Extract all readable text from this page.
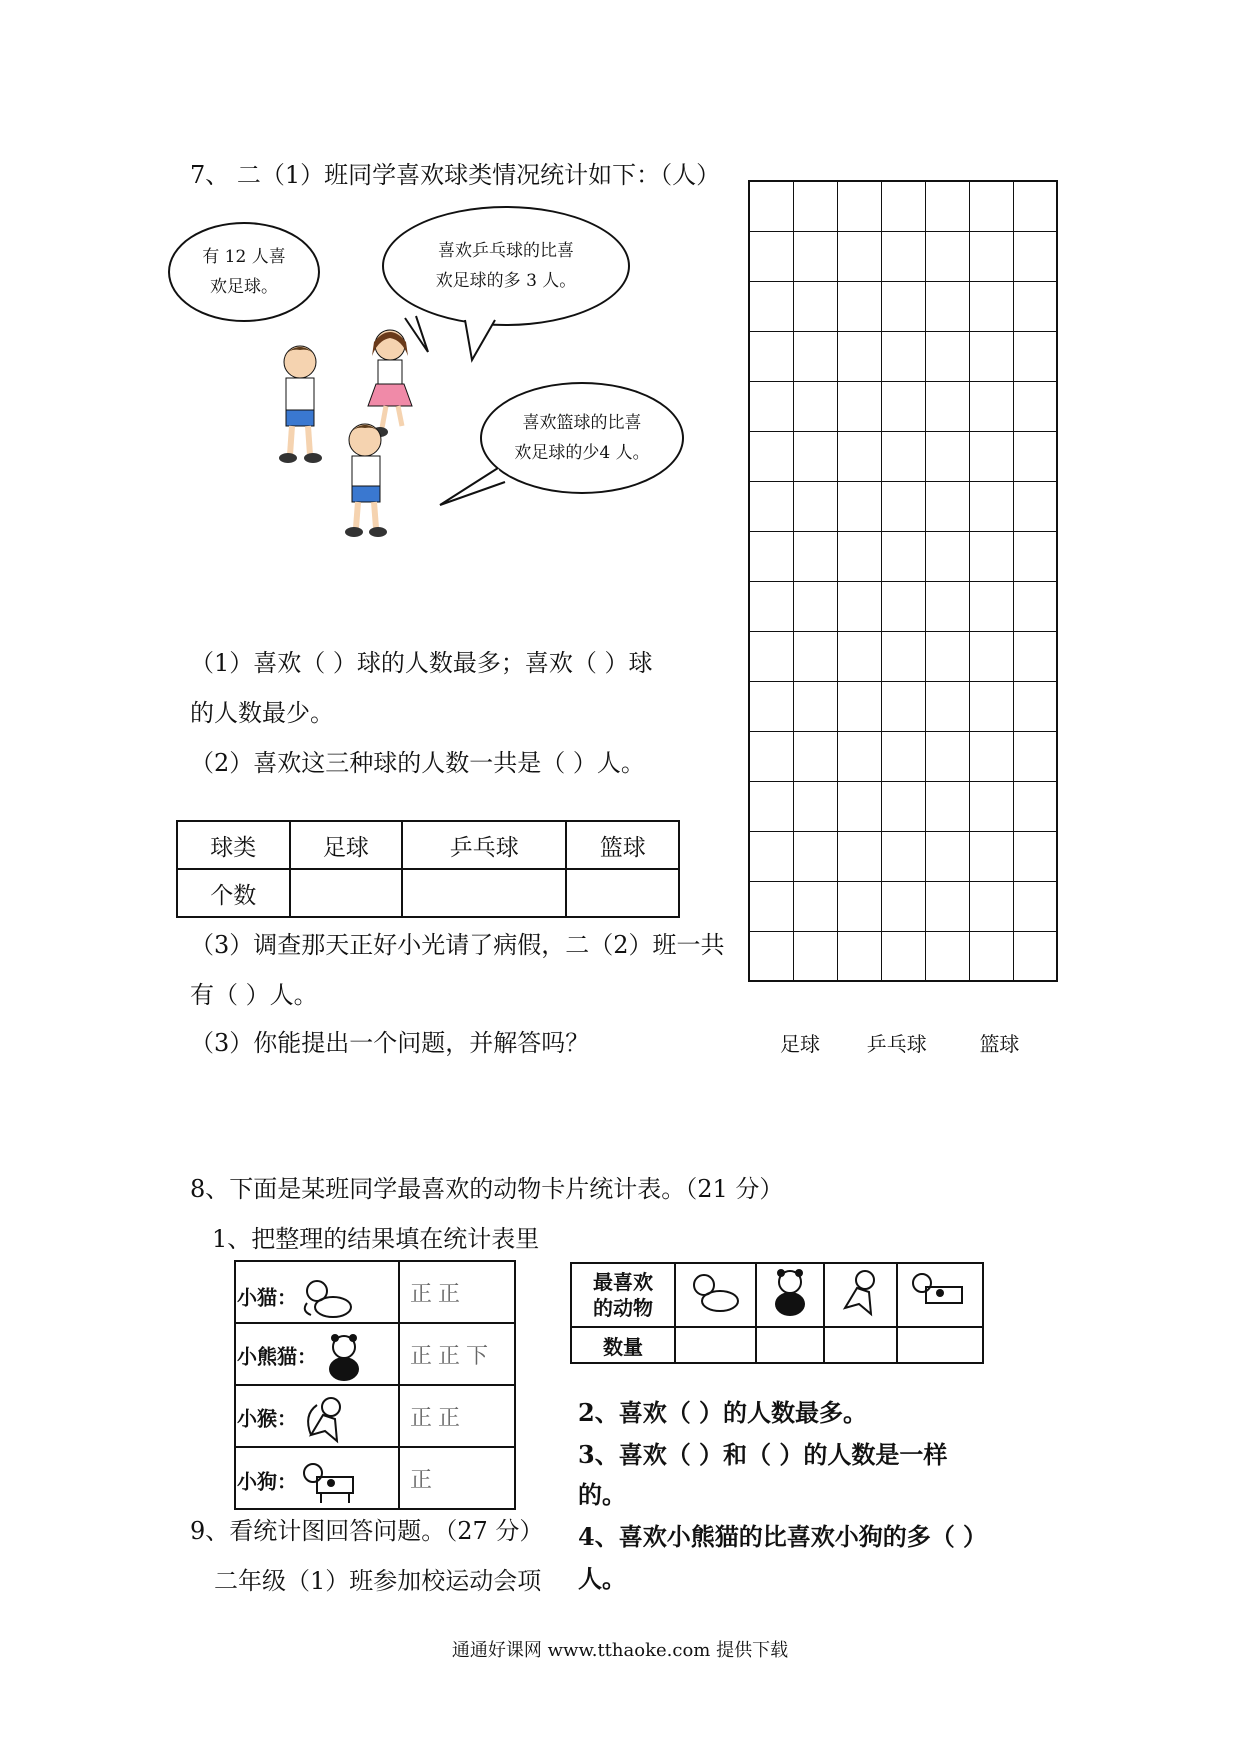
7、 二（1）班同学喜欢球类情况统计如下：（人）
有 12 人喜
欢足球。
喜欢乒乓球的比喜
欢足球的多 3 人。
喜欢篮球的比喜
欢足球的少4 人。
（1）喜欢（ ）球的人数最多；喜欢（ ）球
的人数最少。
（2）喜欢这三种球的人数一共是（ ）人。
球类	足球	乒乓球	篮球
个数			
（3）调查那天正好小光请了病假，二（2）班一共
有（ ）人。
（3）你能提出一个问题，并解答吗？	足球 乒乓球	篮球
8、下面是某班同学最喜欢的动物卡片统计表。（21 分）
1、把整理的结果填在统计表里
小猫：	正正
小熊猫：	正正下
小猴：	正正
小狗：	正
最喜欢
的动物				
数量				
2、喜欢（ ）的人数最多。
3、喜欢（ ）和（ ）的人数是一样
的。
4、喜欢小熊猫的比喜欢小狗的多（ ）
人。
9、看统计图回答问题。（27 分）
二年级（1）班参加校运动会项
通通好课网 www.tthaoke.com 提供下载
